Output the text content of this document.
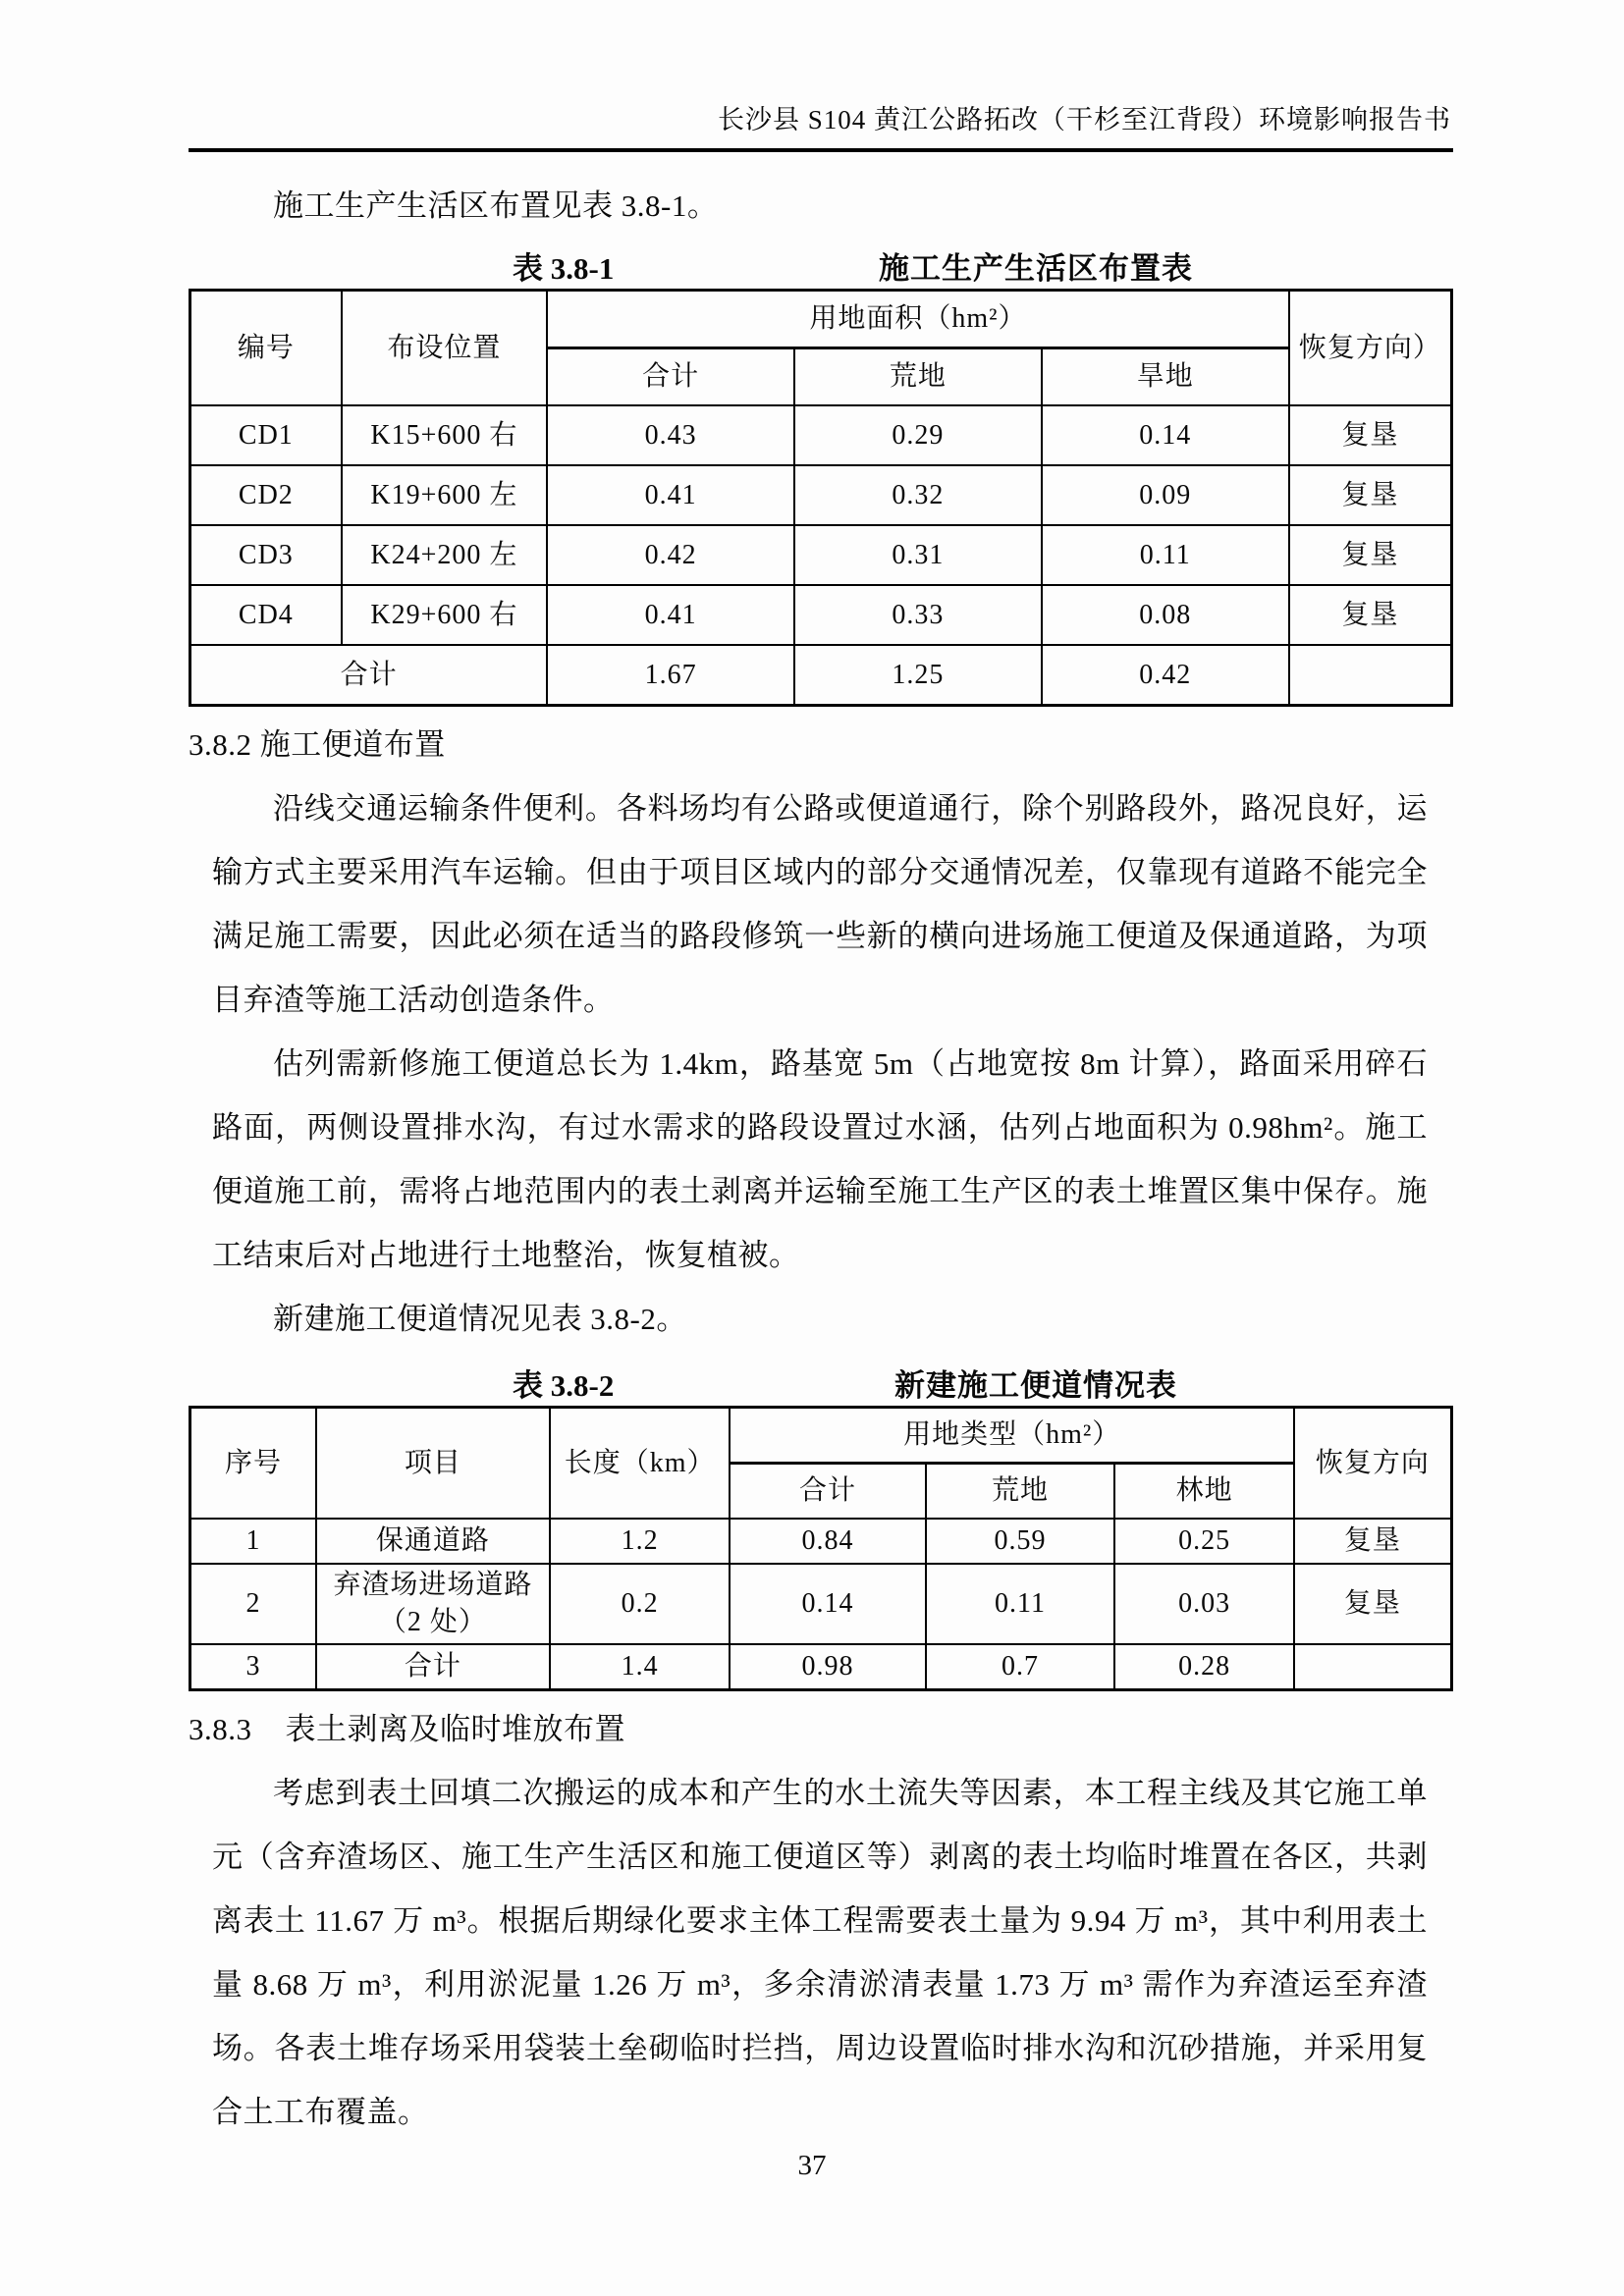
长沙县 S104 黄江公路拓改（干杉至江背段）环境影响报告书

施工生产生活区布置见表 3.8-1。

表 3.8-1	施工生产生活区布置表
编号	布设位置	用地面积（hm²）			恢复方向）
		合计	荒地	旱地	
CD1	K15+600 右	0.43	0.29	0.14	复垦
CD2	K19+600 左	0.41	0.32	0.09	复垦
CD3	K24+200 左	0.42	0.31	0.11	复垦
CD4	K29+600 右	0.41	0.33	0.08	复垦
合计		1.67	1.25	0.42	
3.8.2 施工便道布置

沿线交通运输条件便利。各料场均有公路或便道通行，除个别路段外，路况良好，运输方式主要采用汽车运输。但由于项目区域内的部分交通情况差，仅靠现有道路不能完全满足施工需要，因此必须在适当的路段修筑一些新的横向进场施工便道及保通道路，为项目弃渣等施工活动创造条件。

估列需新修施工便道总长为 1.4km，路基宽 5m（占地宽按 8m 计算），路面采用碎石路面，两侧设置排水沟，有过水需求的路段设置过水涵，估列占地面积为 0.98hm²。施工便道施工前，需将占地范围内的表土剥离并运输至施工生产区的表土堆置区集中保存。施工结束后对占地进行土地整治，恢复植被。

新建施工便道情况见表 3.8-2。

表 3.8-2	新建施工便道情况表
序号	项目	长度（km）	用地类型（hm²）			恢复方向
			合计	荒地	林地	
1	保通道路	1.2	0.84	0.59	0.25	复垦
2	弃渣场进场道路（2 处）	0.2	0.14	0.11	0.03	复垦
3	合计	1.4	0.98	0.7	0.28	
3.8.3 表土剥离及临时堆放布置

考虑到表土回填二次搬运的成本和产生的水土流失等因素，本工程主线及其它施工单元（含弃渣场区、施工生产生活区和施工便道区等）剥离的表土均临时堆置在各区，共剥离表土 11.67 万 m³。根据后期绿化要求主体工程需要表土量为 9.94 万 m³，其中利用表土量 8.68 万 m³，利用淤泥量 1.26 万 m³，多余清淤清表量 1.73 万 m³ 需作为弃渣运至弃渣场。各表土堆存场采用袋装土垒砌临时拦挡，周边设置临时排水沟和沉砂措施，并采用复合土工布覆盖。

37
